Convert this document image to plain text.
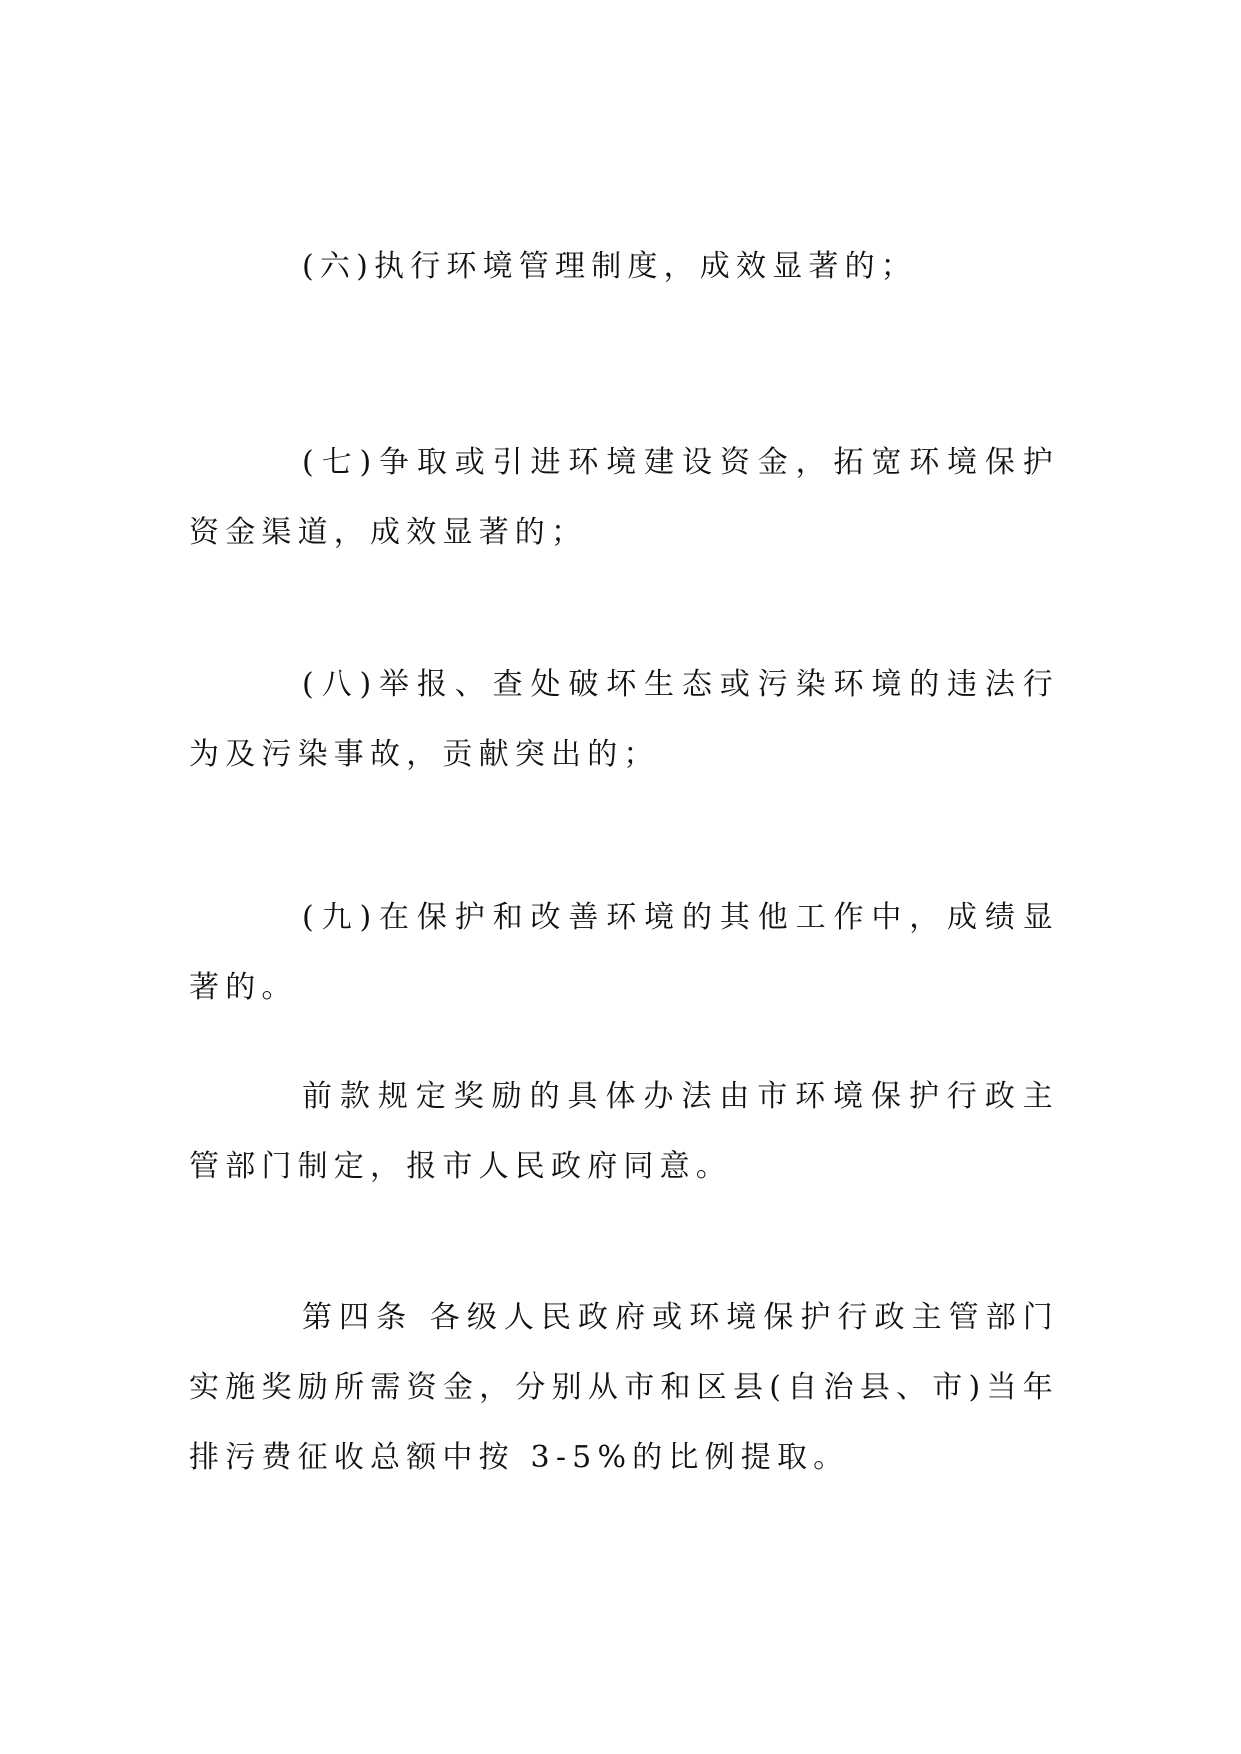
(六)执行环境管理制度，成效显著的；

(七)争取或引进环境建设资金，拓宽环境保护资金渠道，成效显著的；

(八)举报、查处破坏生态或污染环境的违法行为及污染事故，贡献突出的；

(九)在保护和改善环境的其他工作中，成绩显著的。

前款规定奖励的具体办法由市环境保护行政主管部门制定，报市人民政府同意。

第四条 各级人民政府或环境保护行政主管部门实施奖励所需资金，分别从市和区县(自治县、市)当年排污费征收总额中按 3-5%的比例提取。
